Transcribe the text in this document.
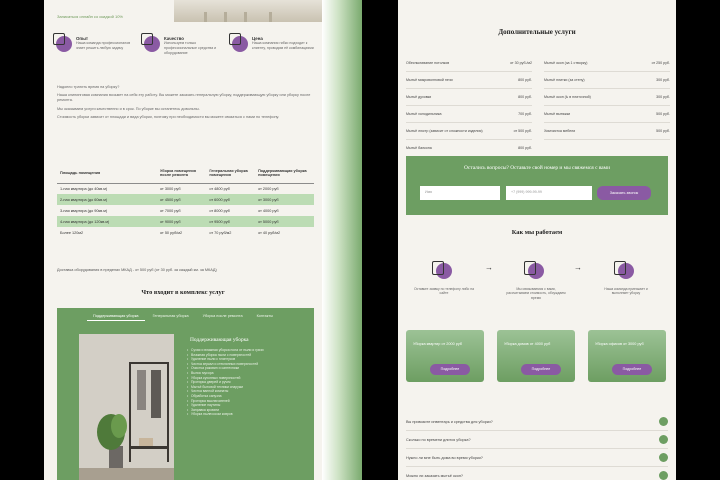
Записаться онлайн со скидкой 10%
Опыт
Наша команда профессионалов знает решить любую задачу
Качество
Используем только профессиональные средства и оборудование
Цена
Наша компания гибко подходит к клиенту, проводим её комбинациями

Надоело тратить время на уборку?

Наша клининговая компания возьмет на себя эту работу. Вы можете заказать генеральную уборку, поддерживающую уборку или уборку после ремонта.

Мы оказываем услуги качественно и в срок. По уборке вы останетесь довольны.

Стоимость уборки зависит от площади и вида уборки, поэтому при необходимости вы можете связаться с нами по телефону.

Площадь помещения	Уборка помещения после ремонта	Генеральная уборка помещения	Поддерживающая уборка помещения
1-ная квартира (до 40кв.м)	от 3000 руб	от 4800 руб	от 2000 руб
2-ная квартира (до 60кв.м)	от 4500 руб	от 6000 руб	от 3000 руб
3-ная квартира (до 90кв.м)	от 7000 руб	от 8000 руб	от 4000 руб
4-ная квартира (до 120кв.м)	от 9000 руб	от 9500 руб	от 5000 руб
Более 120м2	от 50 руб/м2	от 70 руб/м2	от 40 руб/м2
Доставка оборудования в пределах МКАД - от 500 руб (от 30 руб. за каждый км. за МКАД)
Что входит в комплекс услуг
Поддерживающая уборка	Генеральная уборка	Уборка после ремонта	Контакты
Поддерживающая уборка
• Сухая и влажная уборка пола от пыли и грязи
• Влажная уборка пыли с поверхностей
• Удаление пыли с плинтусов
• Чистка зеркал и стеклянных поверхностей
• Очистка раковин и сантехники
• Вынос мусора
• Уборка кухонных поверхностей
• Протирка дверей и ручек
• Мытьё бытовой техники снаружи
• Чистка ванной комнаты
• Обработка санузла
• Протирка выключателей
• Удаление паутины
• Заправка кровати
• Уборка пылесосом ковров
Дополнительные услуги
Обеспыливание потолков	от 30 руб./м2
Мытьё микроволновой печи	800 руб.
Мытьё духовки	800 руб.
Мытьё холодильника	700 руб.
Мытьё люстр (зависит от сложности изделия)	от 500 руб.
Мытьё балкона	800 руб.
Мытьё окон (за 1 створку)	от 250 руб.
Мытьё плитки (за стену)	300 руб.
Мытьё окон (Ь в плиточной)	300 руб.
Мытьё вытяжки	500 руб.
Химчистка мебели	500 руб.
Остались вопросы? Оставьте свой номер и мы свяжемся с вами
Имя	+7 (999) 999-99-99	Заказать звонок
Как мы работаем
Оставьте заявку по телефону либо на сайте
Мы связываемся с вами, рассчитываем стоимость, обсуждаем время
Наша команда приезжает и выполняет уборку
→	→
Уборка квартир от 2000 руб
Подробнее
Уборка домов от 4000 руб
Подробнее
Уборка офисов от 3000 руб
Подробнее
Вы привозите инвентарь и средства для уборки?
Сколько по времени длится уборка?
Нужно ли мне быть дома во время уборки?
Можно ли заказать мытьё окон?
